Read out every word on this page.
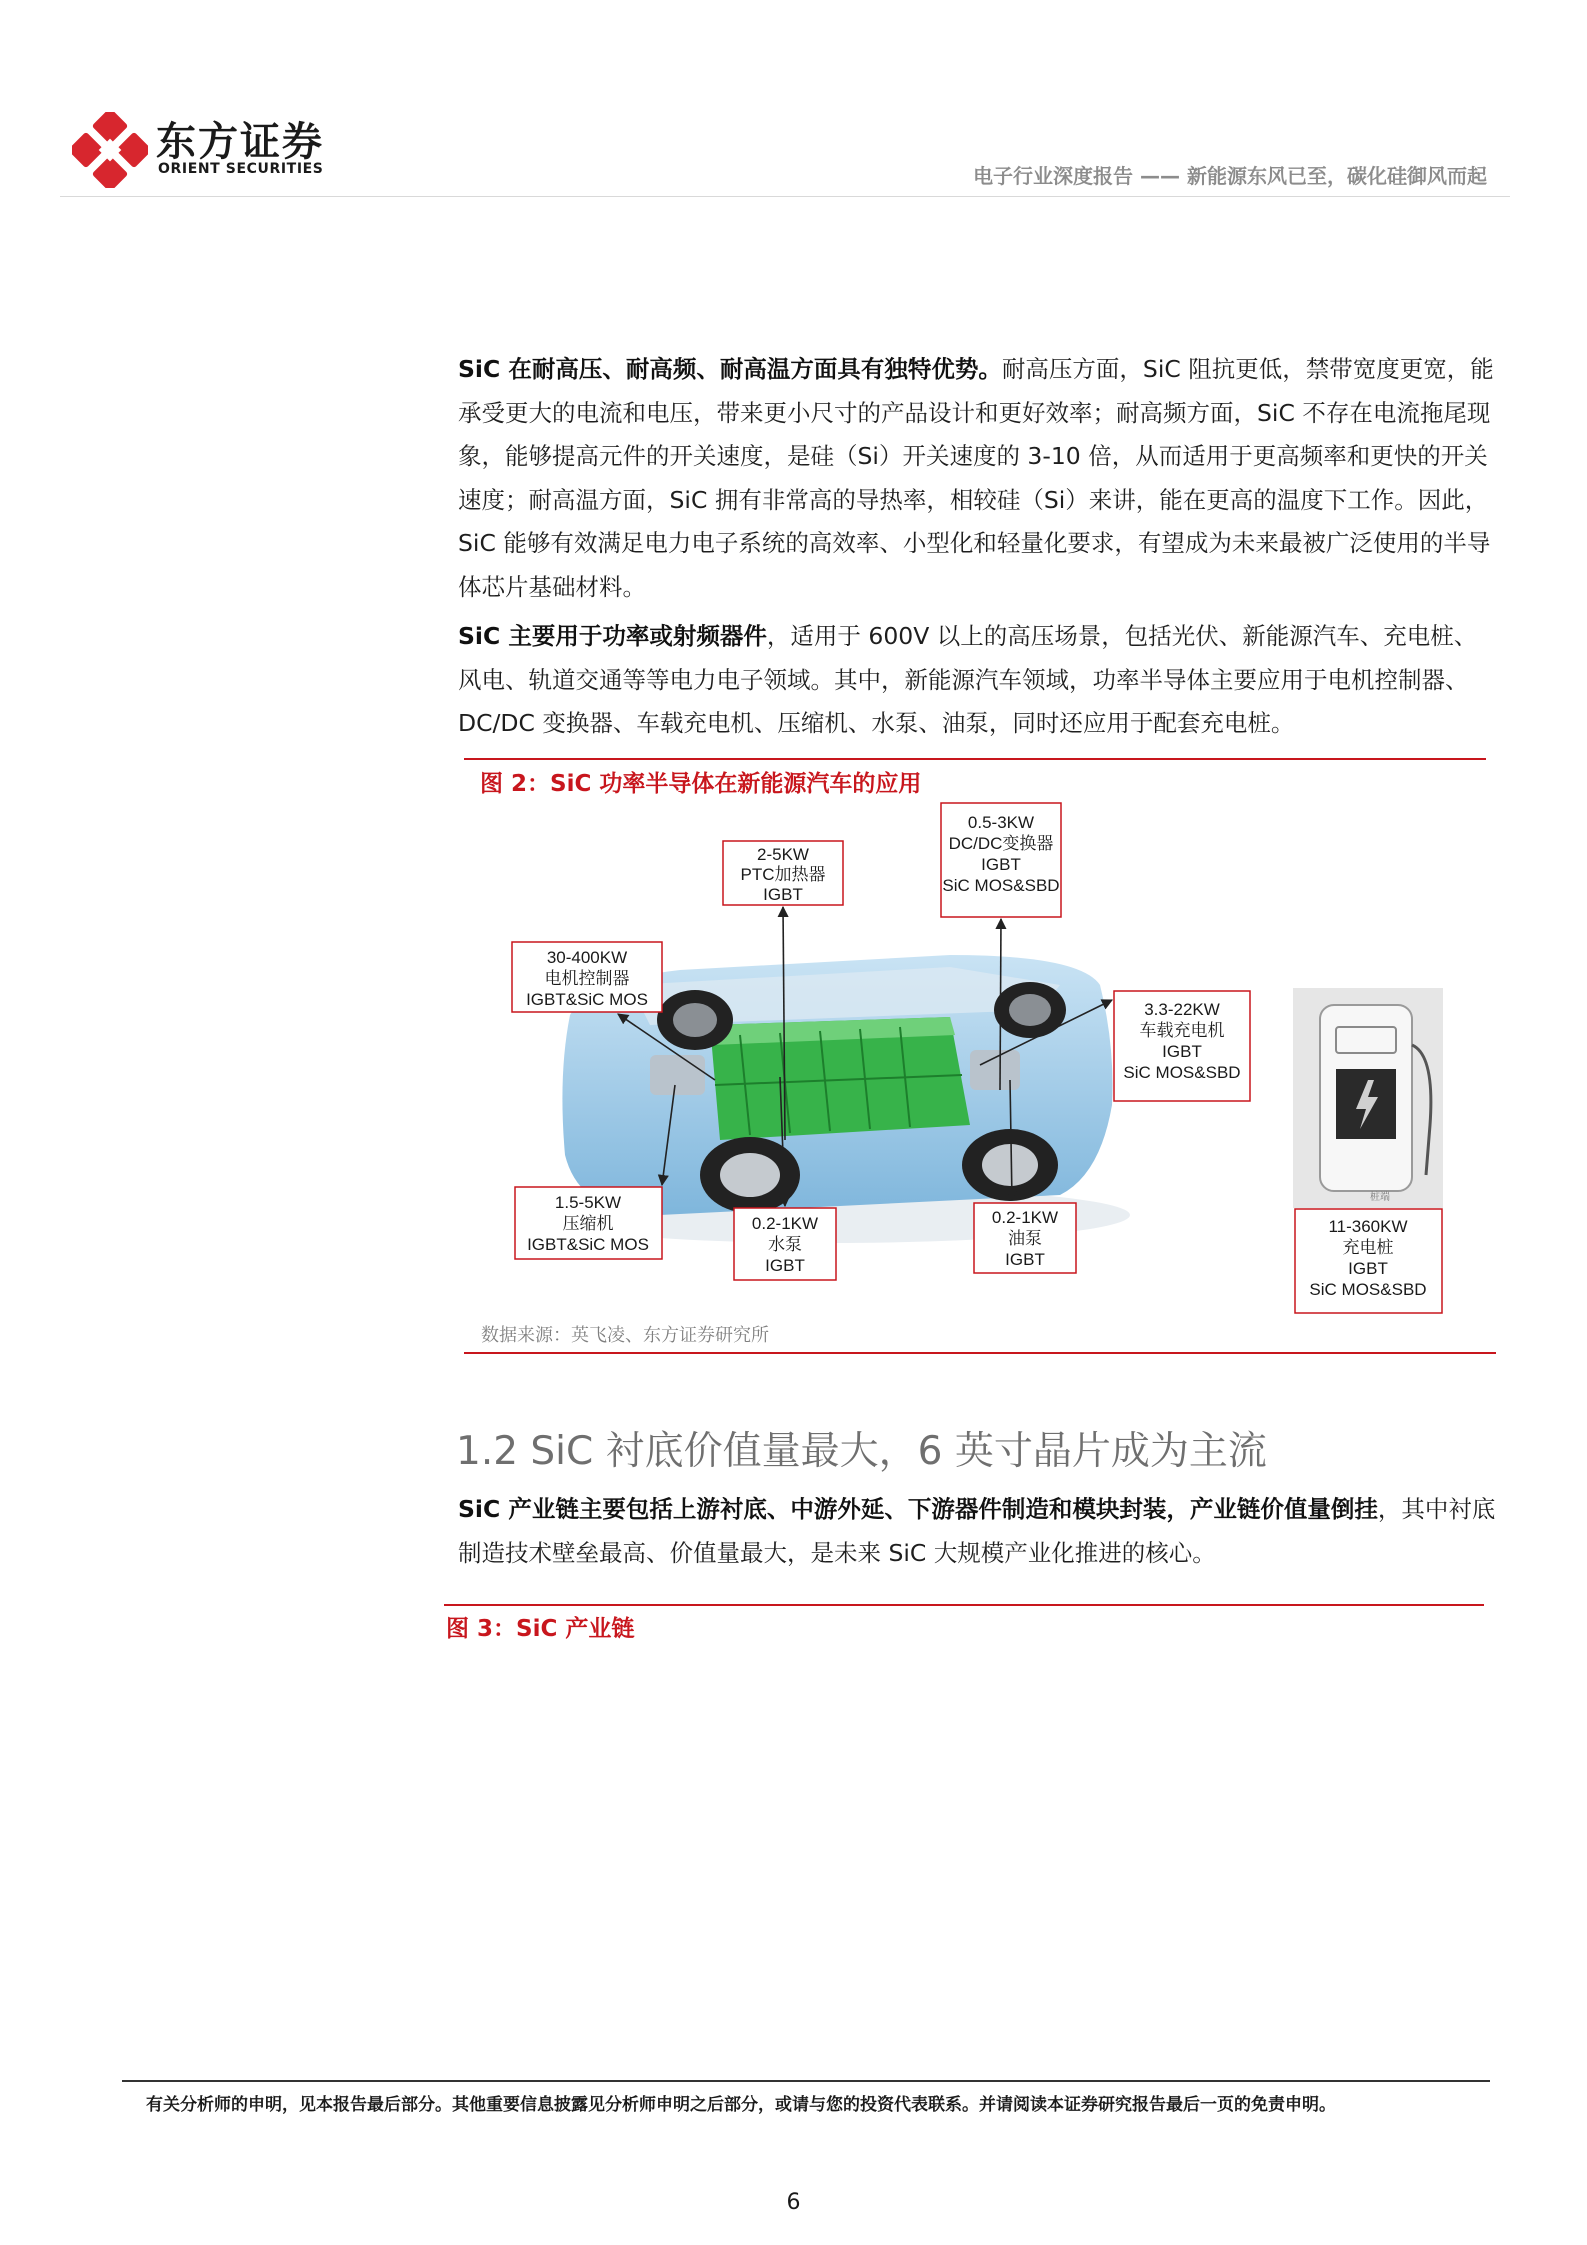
东方证券
ORIENT SECURITIES	电子行业深度报告 —— 新能源东风已至，碳化硅御风而起

SiC 在耐高压、耐高频、耐高温方面具有独特优势。耐高压方面，SiC 阻抗更低，禁带宽度更宽，能承受更大的电流和电压，带来更小尺寸的产品设计和更好效率；耐高频方面，SiC 不存在电流拖尾现象，能够提高元件的开关速度，是硅（Si）开关速度的 3-10 倍，从而适用于更高频率和更快的开关速度；耐高温方面，SiC 拥有非常高的导热率，相较硅（Si）来讲，能在更高的温度下工作。因此，SiC 能够有效满足电力电子系统的高效率、小型化和轻量化要求，有望成为未来最被广泛使用的半导体芯片基础材料。

SiC 主要用于功率或射频器件，适用于 600V 以上的高压场景，包括光伏、新能源汽车、充电桩、风电、轨道交通等等电力电子领域。其中，新能源汽车领域，功率半导体主要应用于电机控制器、DC/DC 变换器、车载充电机、压缩机、水泵、油泵，同时还应用于配套充电桩。

图 2：SiC 功率半导体在新能源汽车的应用
桩端
2-5KW PTC加热器 IGBT
0.5-3KW DC/DC变换器 IGBT SiC MOS&SBD
30-400KW 电机控制器 IGBT&SiC MOS
3.3-22KW 车载充电机 IGBT SiC MOS&SBD
1.5-5KW 压缩机 IGBT&SiC MOS
0.2-1KW 水泵 IGBT
0.2-1KW 油泵 IGBT
11-360KW 充电桩 IGBT SiC MOS&SBD
数据来源：英飞凌、东方证券研究所
1.2 SiC 衬底价值量最大，6 英寸晶片成为主流

SiC 产业链主要包括上游衬底、中游外延、下游器件制造和模块封装，产业链价值量倒挂，其中衬底制造技术壁垒最高、价值量最大，是未来 SiC 大规模产业化推进的核心。

图 3：SiC 产业链
有关分析师的申明，见本报告最后部分。其他重要信息披露见分析师申明之后部分，或请与您的投资代表联系。并请阅读本证券研究报告最后一页的免责申明。
6
